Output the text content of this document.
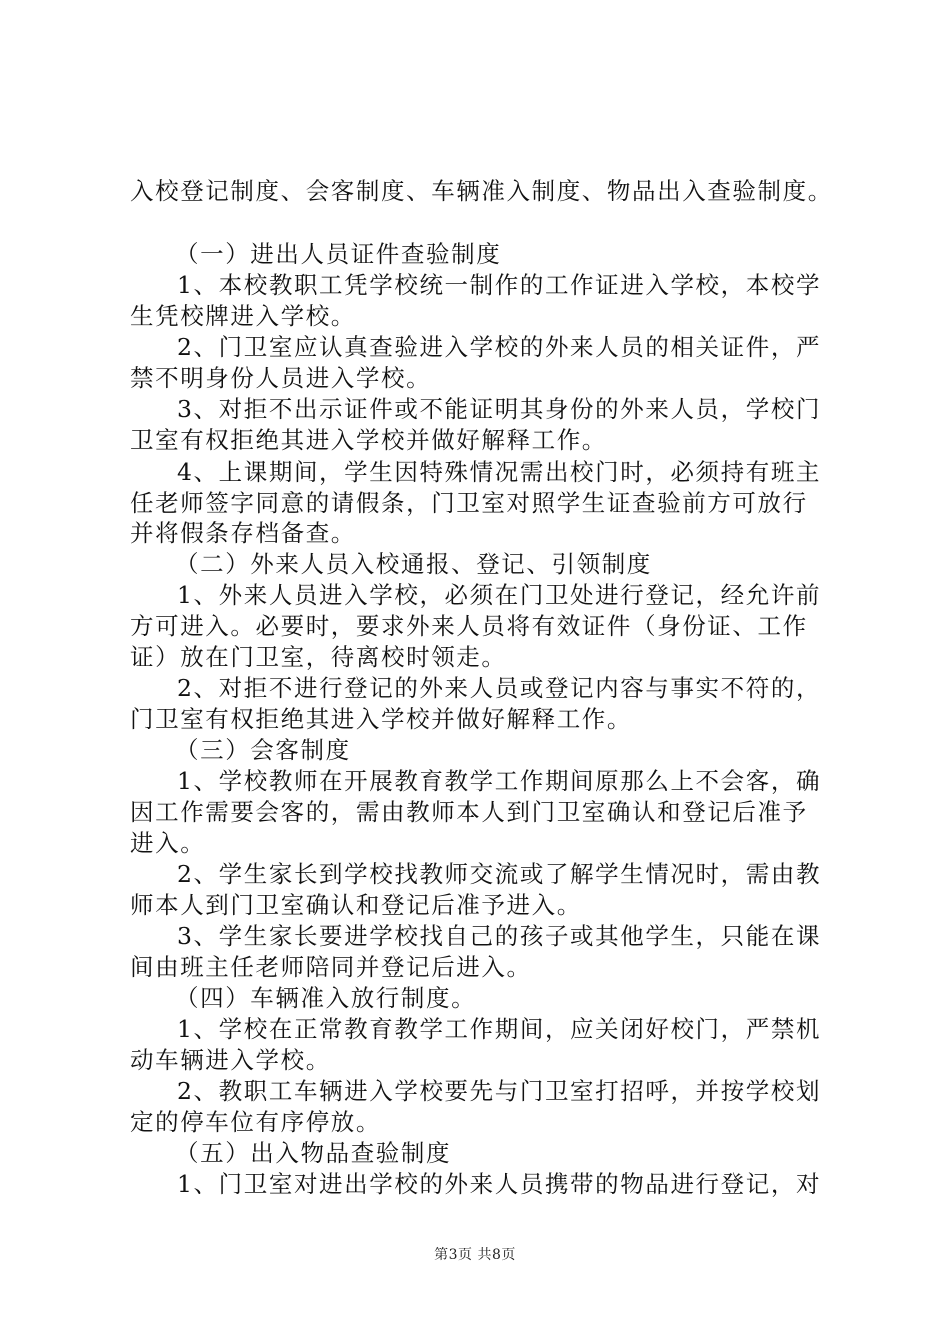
入校登记制度、会客制度、车辆准入制度、物品出入查验制度。
（一）进出人员证件查验制度
1、本校教职工凭学校统一制作的工作证进入学校，本校学
生凭校牌进入学校。
2、门卫室应认真查验进入学校的外来人员的相关证件，严
禁不明身份人员进入学校。
3、对拒不出示证件或不能证明其身份的外来人员，学校门
卫室有权拒绝其进入学校并做好解释工作。
4、上课期间，学生因特殊情况需出校门时，必须持有班主
任老师签字同意的请假条，门卫室对照学生证查验前方可放行
并将假条存档备查。
（二）外来人员入校通报、登记、引领制度
1、外来人员进入学校，必须在门卫处进行登记，经允许前
方可进入。必要时，要求外来人员将有效证件（身份证、工作
证）放在门卫室，待离校时领走。
2、对拒不进行登记的外来人员或登记内容与事实不符的，
门卫室有权拒绝其进入学校并做好解释工作。
（三）会客制度
1、学校教师在开展教育教学工作期间原那么上不会客，确
因工作需要会客的，需由教师本人到门卫室确认和登记后准予
进入。
2、学生家长到学校找教师交流或了解学生情况时，需由教
师本人到门卫室确认和登记后准予进入。
3、学生家长要进学校找自己的孩子或其他学生，只能在课
间由班主任老师陪同并登记后进入。
（四）车辆准入放行制度。
1、学校在正常教育教学工作期间，应关闭好校门，严禁机
动车辆进入学校。
2、教职工车辆进入学校要先与门卫室打招呼，并按学校划
定的停车位有序停放。
（五）出入物品查验制度
1、门卫室对进出学校的外来人员携带的物品进行登记，对
第3页 共8页
